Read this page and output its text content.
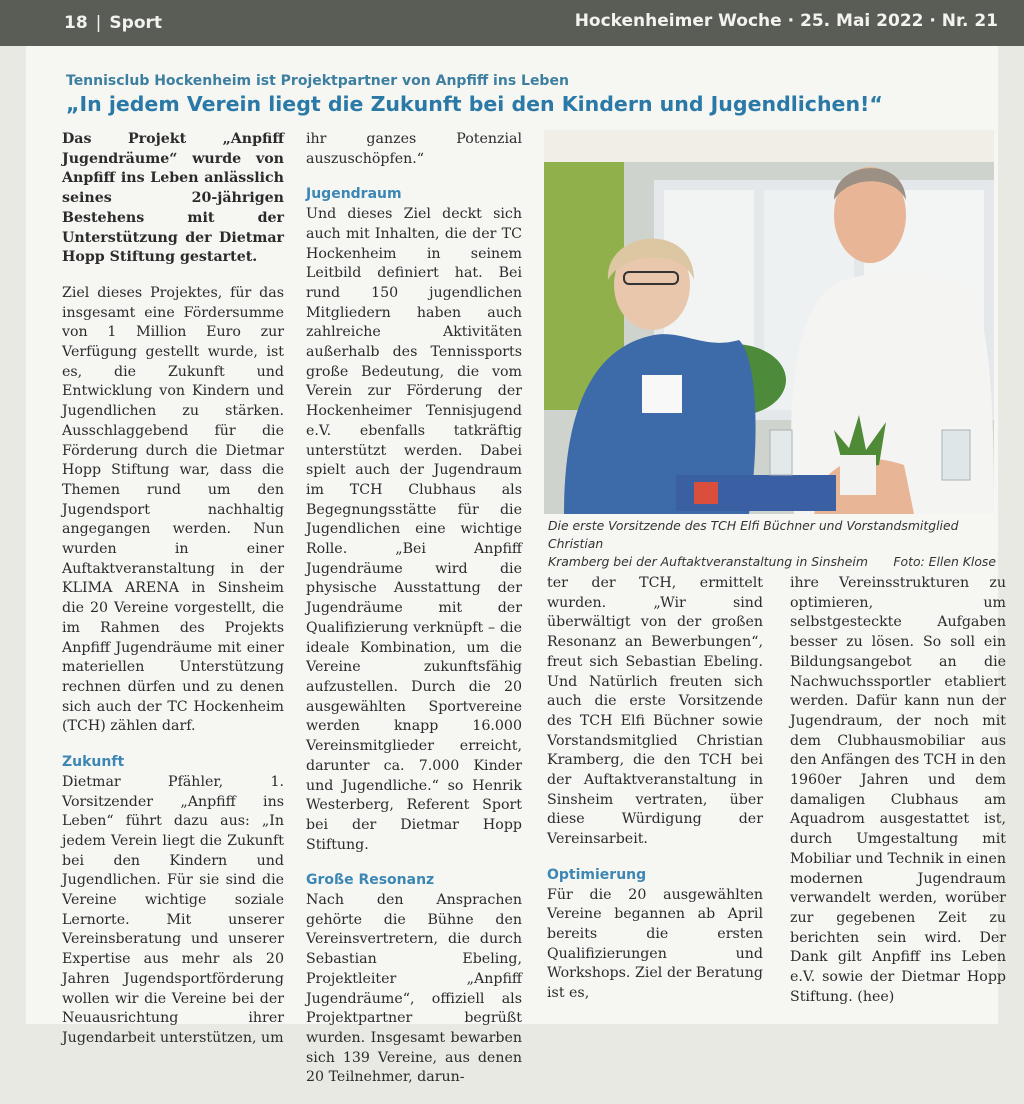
18 | Sport	Hockenheimer Woche · 25. Mai 2022 · Nr. 21
Tennisclub Hockenheim ist Projektpartner von Anpfiff ins Leben
„In jedem Verein liegt die Zukunft bei den Kindern und Jugendlichen!“

Das Projekt „Anpfiff Jugendräume“ wurde von Anpfiff ins Leben anlässlich seines 20-jährigen Bestehens mit der Unterstützung der Dietmar Hopp Stiftung gestartet.

Ziel dieses Projektes, für das insgesamt eine Fördersumme von 1 Million Euro zur Verfügung gestellt wurde, ist es, die Zukunft und Entwicklung von Kindern und Jugendlichen zu stärken. Ausschlaggebend für die Förderung durch die Dietmar Hopp Stiftung war, dass die Themen rund um den Jugendsport nachhaltig angegangen werden. Nun wurden in einer Auftaktveranstaltung in der KLIMA ARENA in Sinsheim die 20 Vereine vorgestellt, die im Rahmen des Projekts Anpfiff Jugendräume mit einer materiellen Unterstützung rechnen dürfen und zu denen sich auch der TC Hockenheim (TCH) zählen darf.

Zukunft

Dietmar Pfähler, 1. Vorsitzender „Anpfiff ins Leben“ führt dazu aus: „In jedem Verein liegt die Zukunft bei den Kindern und Jugendlichen. Für sie sind die Vereine wichtige soziale Lernorte. Mit unserer Vereinsberatung und unserer Expertise aus mehr als 20 Jahren Jugendsportförderung wollen wir die Vereine bei der Neuausrichtung ihrer Jugendarbeit unterstützen, um

ihr ganzes Potenzial auszuschöpfen.“

Jugendraum

Und dieses Ziel deckt sich auch mit Inhalten, die der TC Hockenheim in seinem Leitbild definiert hat. Bei rund 150 jugendlichen Mitgliedern haben auch zahlreiche Aktivitäten außerhalb des Tennissports große Bedeutung, die vom Verein zur Förderung der Hockenheimer Tennisjugend e.V. ebenfalls tatkräftig unterstützt werden. Dabei spielt auch der Jugendraum im TCH Clubhaus als Begegnungsstätte für die Jugendlichen eine wichtige Rolle. „Bei Anpfiff Jugendräume wird die physische Ausstattung der Jugendräume mit der Qualifizierung verknüpft – die ideale Kombination, um die Vereine zukunftsfähig aufzustellen. Durch die 20 ausgewählten Sportvereine werden knapp 16.000 Vereinsmitglieder erreicht, darunter ca. 7.000 Kinder und Jugendliche.“ so Henrik Westerberg, Referent Sport bei der Dietmar Hopp Stiftung.

Große Resonanz

Nach den Ansprachen gehörte die Bühne den Vereinsvertretern, die durch Sebastian Ebeling, Projektleiter „Anpfiff Jugendräume“, offiziell als Projektpartner begrüßt wurden. Insgesamt bewarben sich 139 Vereine, aus denen 20 Teilnehmer, darun-

Die erste Vorsitzende des TCH Elfi Büchner und Vorstandsmitglied Christian
Kramberg bei der Auftaktveranstaltung in Sinsheim Foto: Ellen Klose

ter der TCH, ermittelt wurden. „Wir sind überwältigt von der großen Resonanz an Bewerbungen“, freut sich Sebastian Ebeling. Und Natürlich freuten sich auch die erste Vorsitzende des TCH Elfi Büchner sowie Vorstandsmitglied Christian Kramberg, die den TCH bei der Auftaktveranstaltung in Sinsheim vertraten, über diese Würdigung der Vereinsarbeit.

Optimierung

Für die 20 ausgewählten Vereine begannen ab April bereits die ersten Qualifizierungen und Workshops. Ziel der Beratung ist es,

ihre Vereinsstrukturen zu optimieren, um selbstgesteckte Aufgaben besser zu lösen. So soll ein Bildungsangebot an die Nachwuchssportler etabliert werden. Dafür kann nun der Jugendraum, der noch mit dem Clubhausmobiliar aus den Anfängen des TCH in den 1960er Jahren und dem damaligen Clubhaus am Aquadrom ausgestattet ist, durch Umgestaltung mit Mobiliar und Technik in einen modernen Jugendraum verwandelt werden, worüber zur gegebenen Zeit zu berichten sein wird. Der Dank gilt Anpfiff ins Leben e.V. sowie der Dietmar Hopp Stiftung. (hee)
